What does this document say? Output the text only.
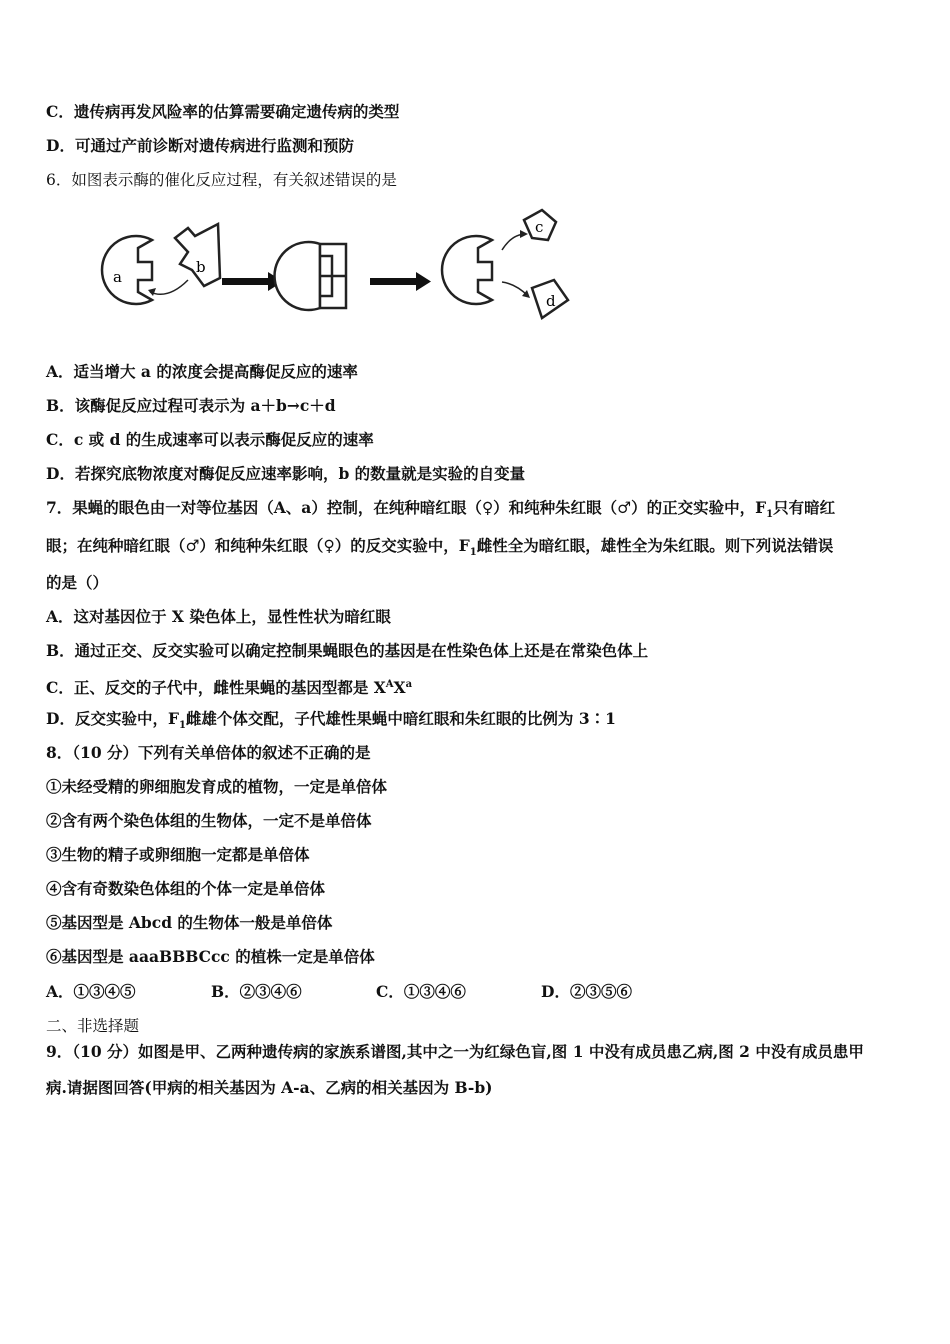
C．遗传病再发风险率的估算需要确定遗传病的类型
D．可通过产前诊断对遗传病进行监测和预防
6．如图表示酶的催化反应过程，有关叙述错误的是
a
b
c
d
A．适当增大 a 的浓度会提高酶促反应的速率
B．该酶促反应过程可表示为 a＋b→c＋d
C．c 或 d 的生成速率可以表示酶促反应的速率
D．若探究底物浓度对酶促反应速率影响，b 的数量就是实验的自变量
7．果蝇的眼色由一对等位基因（A、a）控制，在纯种暗红眼（♀）和纯种朱红眼（♂）的正交实验中，$F_1$只有暗红
眼；在纯种暗红眼（♂）和纯种朱红眼（♀）的反交实验中，$F_1$雌性全为暗红眼，雄性全为朱红眼。则下列说法错误
的是（）
A．这对基因位于 X 染色体上，显性性状为暗红眼
B．通过正交、反交实验可以确定控制果蝇眼色的基因是在性染色体上还是在常染色体上
C．正、反交的子代中，雌性果蝇的基因型都是 $X^AX^a$
D．反交实验中，$F_1$雌雄个体交配，子代雄性果蝇中暗红眼和朱红眼的比例为 3∶1
8．（10 分）下列有关单倍体的叙述不正确的是
①未经受精的卵细胞发育成的植物，一定是单倍体
②含有两个染色体组的生物体，一定不是单倍体
③生物的精子或卵细胞一定都是单倍体
④含有奇数染色体组的个体一定是单倍体
⑤基因型是 Abcd 的生物体一般是单倍体
⑥基因型是 aaaBBBCcc 的植株一定是单倍体
A．①③④⑤	B．②③④⑥	C．①③④⑥	D．②③⑤⑥
二、非选择题
9．（10 分）如图是甲、乙两种遗传病的家族系谱图,其中之一为红绿色盲,图 1 中没有成员患乙病,图 2 中没有成员患甲
病.请据图回答(甲病的相关基因为 A-a、乙病的相关基因为 B-b)
